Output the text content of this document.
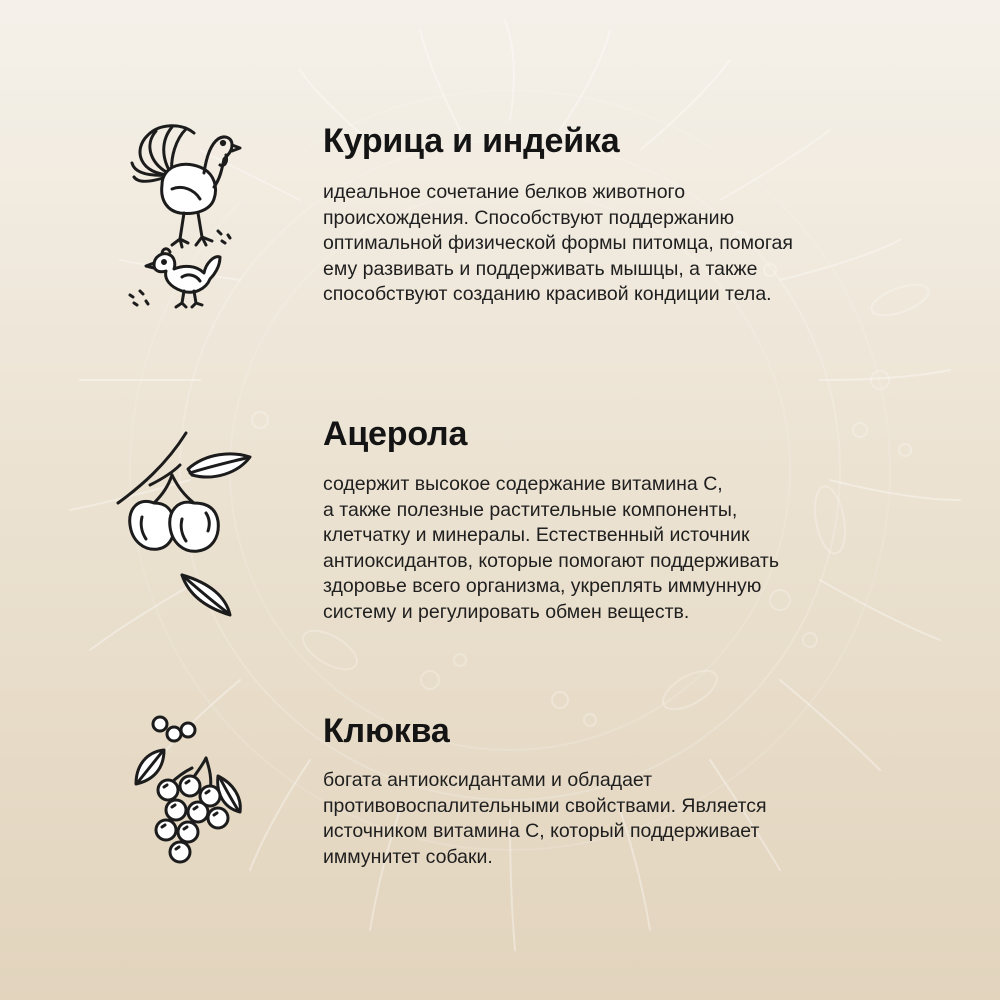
Курица и индейка

идеальное сочетание белков животного
происхождения. Способствуют поддержанию
оптимальной физической формы питомца, помогая
ему развивать и поддерживать мышцы, а также
способствуют созданию красивой кондиции тела.

Ацерола

содержит высокое содержание витамина С,
а также полезные растительные компоненты,
клетчатку и минералы. Естественный источник
антиоксидантов, которые помогают поддерживать
здоровье всего организма, укреплять иммунную
систему и регулировать обмен веществ.

Клюква

богата антиоксидантами и обладает
противовоспалительными свойствами. Является
источником витамина С, который поддерживает
иммунитет собаки.
